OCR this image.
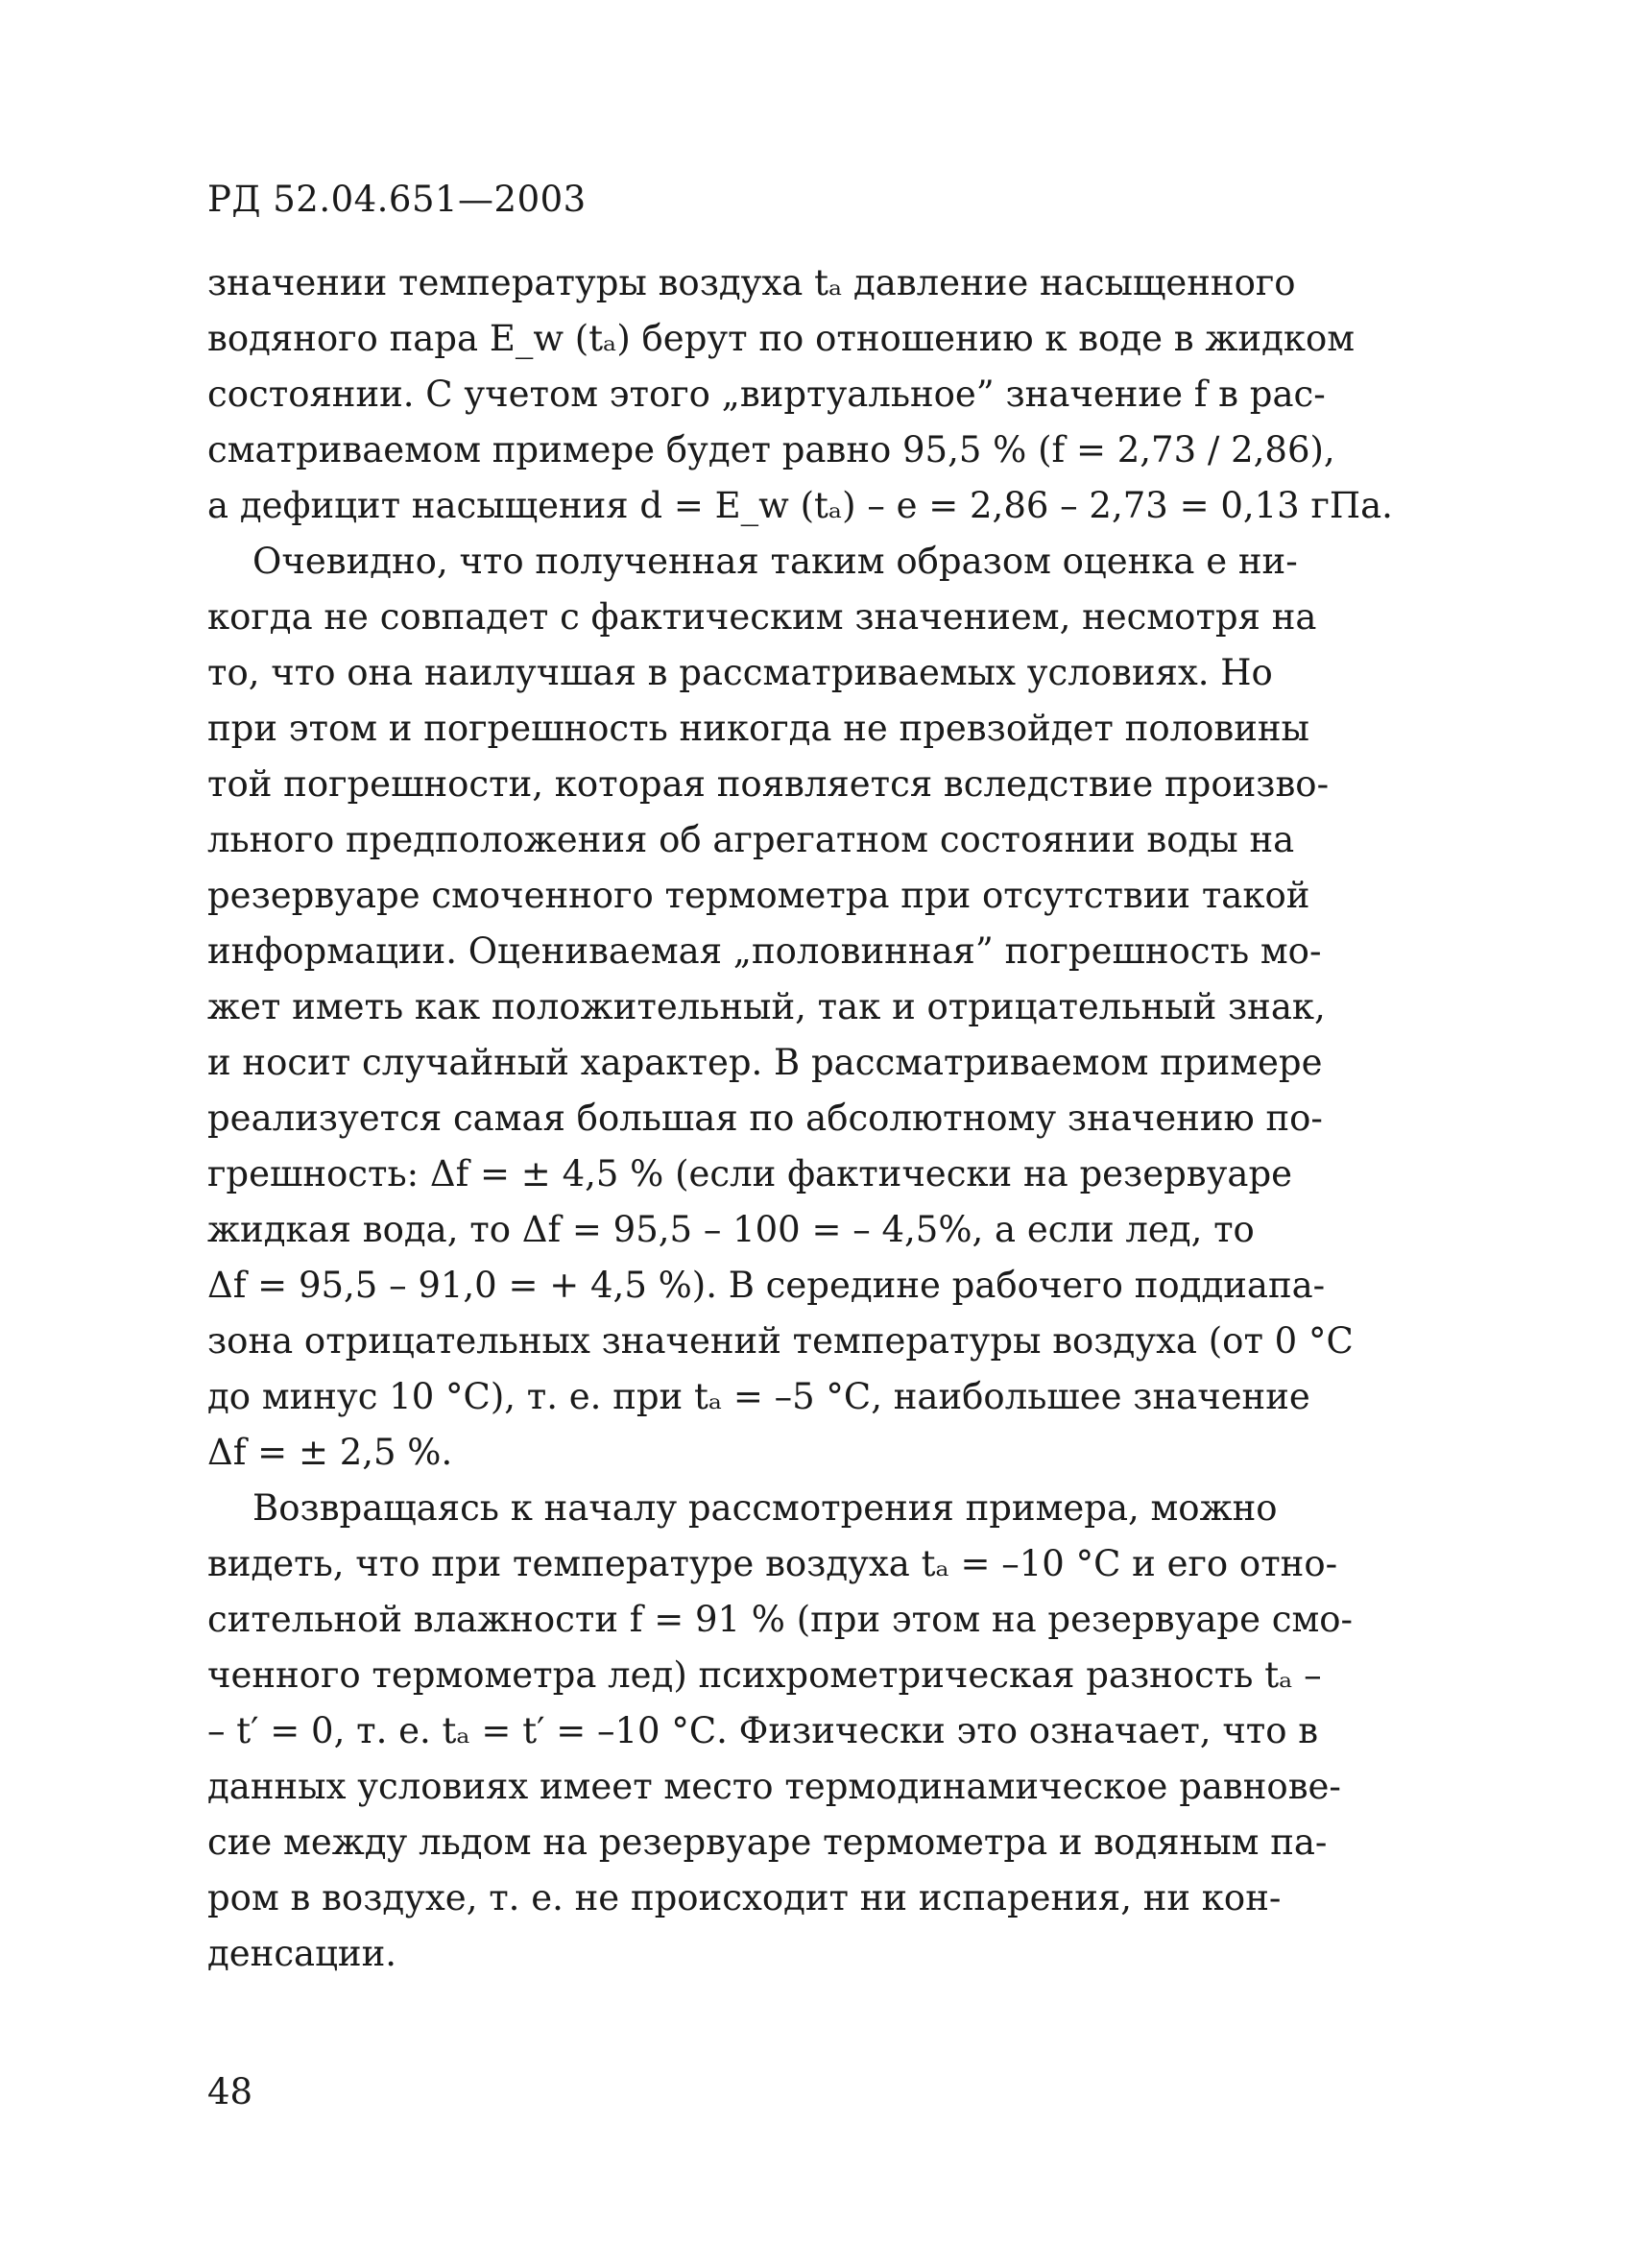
РД 52.04.651—2003
значении температуры воздуха tₐ давление насыщенного
водяного пара E_w (tₐ) берут по отношению к воде в жидком
состоянии. С учетом этого „виртуальное” значение f в рас-
сматриваемом примере будет равно 95,5 % (f = 2,73 / 2,86),
а дефицит насыщения d = E_w (tₐ) – e = 2,86 – 2,73 = 0,13 гПа.
Очевидно, что полученная таким образом оценка e ни-
когда не совпадет с фактическим значением, несмотря на
то, что она наилучшая в рассматриваемых условиях. Но
при этом и погрешность никогда не превзойдет половины
той погрешности, которая появляется вследствие произво-
льного предположения об агрегатном состоянии воды на
резервуаре смоченного термометра при отсутствии такой
информации. Оцениваемая „половинная” погрешность мо-
жет иметь как положительный, так и отрицательный знак,
и носит случайный характер. В рассматриваемом примере
реализуется самая большая по абсолютному значению по-
грешность: Δf = ± 4,5 % (если фактически на резервуаре
жидкая вода, то Δf = 95,5 – 100 = – 4,5%, а если лед, то
Δf = 95,5 – 91,0 = + 4,5 %). В середине рабочего поддиапа-
зона отрицательных значений температуры воздуха (от 0 °С
до минус 10 °С), т. е. при tₐ = –5 °С, наибольшее значение
Δf = ± 2,5 %.
Возвращаясь к началу рассмотрения примера, можно
видеть, что при температуре воздуха tₐ = –10 °С и его отно-
сительной влажности f = 91 % (при этом на резервуаре смо-
ченного термометра лед) психрометрическая разность tₐ –
– t′ = 0, т. е. tₐ = t′ = –10 °С. Физически это означает, что в
данных условиях имеет место термодинамическое равнове-
сие между льдом на резервуаре термометра и водяным па-
ром в воздухе, т. е. не происходит ни испарения, ни кон-
денсации.
48
